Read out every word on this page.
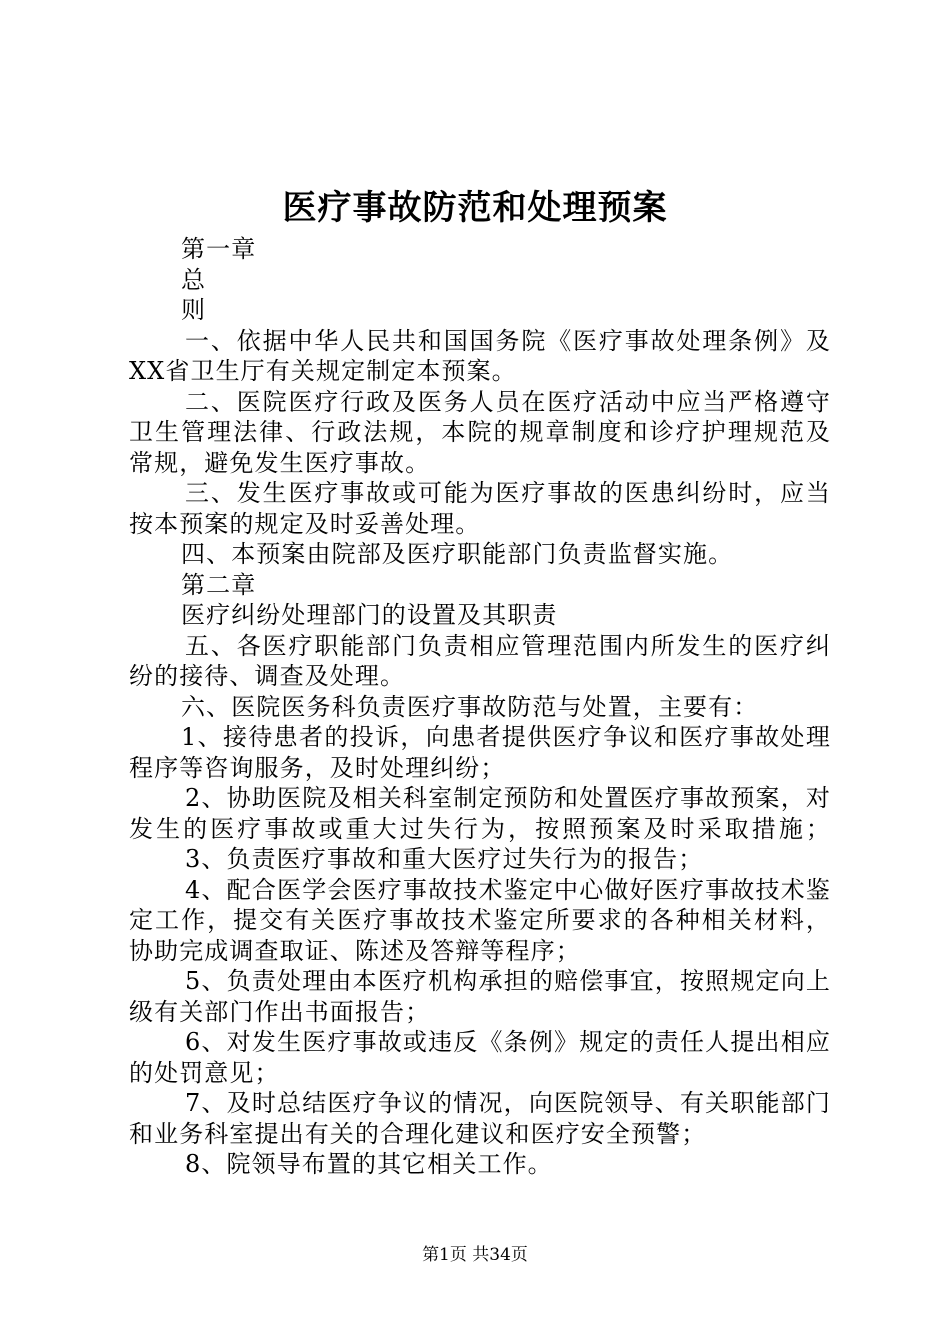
医疗事故防范和处理预案
第一章
总
则
一、依据中华人民共和国国务院《医疗事故处理条例》及
XX省卫生厅有关规定制定本预案。
二、医院医疗行政及医务人员在医疗活动中应当严格遵守
卫生管理法律、行政法规，本院的规章制度和诊疗护理规范及
常规，避免发生医疗事故。
三、发生医疗事故或可能为医疗事故的医患纠纷时，应当
按本预案的规定及时妥善处理。
四、本预案由院部及医疗职能部门负责监督实施。
第二章
医疗纠纷处理部门的设置及其职责
五、各医疗职能部门负责相应管理范围内所发生的医疗纠
纷的接待、调查及处理。
六、医院医务科负责医疗事故防范与处置，主要有：
1、接待患者的投诉，向患者提供医疗争议和医疗事故处理
程序等咨询服务，及时处理纠纷；
2、协助医院及相关科室制定预防和处置医疗事故预案，对
发生的医疗事故或重大过失行为，按照预案及时采取措施；
3、负责医疗事故和重大医疗过失行为的报告；
4、配合医学会医疗事故技术鉴定中心做好医疗事故技术鉴
定工作，提交有关医疗事故技术鉴定所要求的各种相关材料，
协助完成调查取证、陈述及答辩等程序；
5、负责处理由本医疗机构承担的赔偿事宜，按照规定向上
级有关部门作出书面报告；
6、对发生医疗事故或违反《条例》规定的责任人提出相应
的处罚意见；
7、及时总结医疗争议的情况，向医院领导、有关职能部门
和业务科室提出有关的合理化建议和医疗安全预警；
8、院领导布置的其它相关工作。
第1页 共34页
